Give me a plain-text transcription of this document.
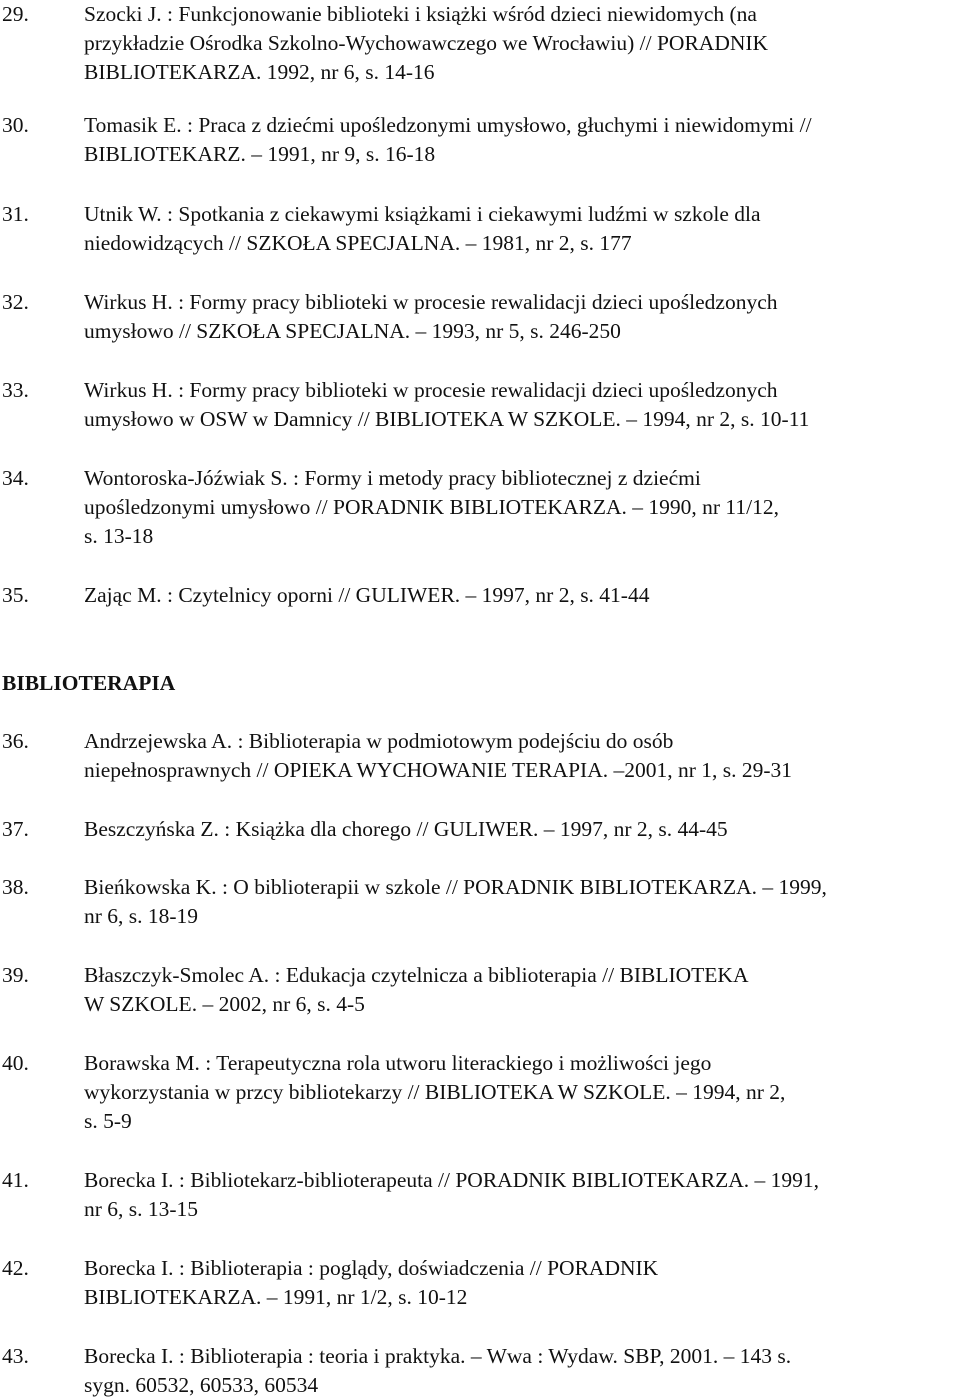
29.	Szocki J. : Funkcjonowanie biblioteki i książki wśród dzieci niewidomych (na
przykładzie Ośrodka Szkolno-Wychowawczego we Wrocławiu) // PORADNIK
BIBLIOTEKARZA. 1992, nr 6, s. 14-16
30.	Tomasik E. : Praca z dziećmi upośledzonymi umysłowo, głuchymi i niewidomymi //
BIBLIOTEKARZ. – 1991, nr 9, s. 16-18
31.	Utnik W. : Spotkania z ciekawymi książkami i ciekawymi ludźmi w szkole dla
niedowidzących // SZKOŁA SPECJALNA. – 1981, nr 2, s. 177
32.	Wirkus H. : Formy pracy biblioteki w procesie rewalidacji dzieci upośledzonych
umysłowo // SZKOŁA SPECJALNA. – 1993, nr 5, s. 246-250
33.	Wirkus H. : Formy pracy biblioteki w procesie rewalidacji dzieci upośledzonych
umysłowo w OSW w Damnicy // BIBLIOTEKA W SZKOLE. – 1994, nr 2, s. 10-11
34.	Wontoroska-Jóźwiak S. : Formy i metody pracy bibliotecznej z dziećmi
upośledzonymi umysłowo // PORADNIK BIBLIOTEKARZA. – 1990, nr 11/12,
s. 13-18
35.	Zając M. : Czytelnicy oporni // GULIWER. – 1997, nr 2, s. 41-44
BIBLIOTERAPIA
36.	Andrzejewska A. : Biblioterapia w podmiotowym podejściu do osób
niepełnosprawnych // OPIEKA WYCHOWANIE TERAPIA. –2001, nr 1, s. 29-31
37.	Beszczyńska Z. : Książka dla chorego // GULIWER. – 1997, nr 2, s. 44-45
38.	Bieńkowska K. : O biblioterapii w szkole // PORADNIK BIBLIOTEKARZA. – 1999,
nr 6, s. 18-19
39.	Błaszczyk-Smolec A. : Edukacja czytelnicza a biblioterapia // BIBLIOTEKA
W SZKOLE. – 2002, nr 6, s. 4-5
40.	Borawska M. : Terapeutyczna rola utworu literackiego i możliwości jego
wykorzystania w przcy bibliotekarzy // BIBLIOTEKA W SZKOLE. – 1994, nr 2,
s. 5-9
41.	Borecka I. : Bibliotekarz-biblioterapeuta // PORADNIK BIBLIOTEKARZA. – 1991,
nr 6, s. 13-15
42.	Borecka I. : Biblioterapia : poglądy, doświadczenia // PORADNIK
BIBLIOTEKARZA. – 1991, nr 1/2, s. 10-12
43.	Borecka I. : Biblioterapia : teoria i praktyka. – Wwa : Wydaw. SBP, 2001. – 143 s.
sygn. 60532, 60533, 60534
